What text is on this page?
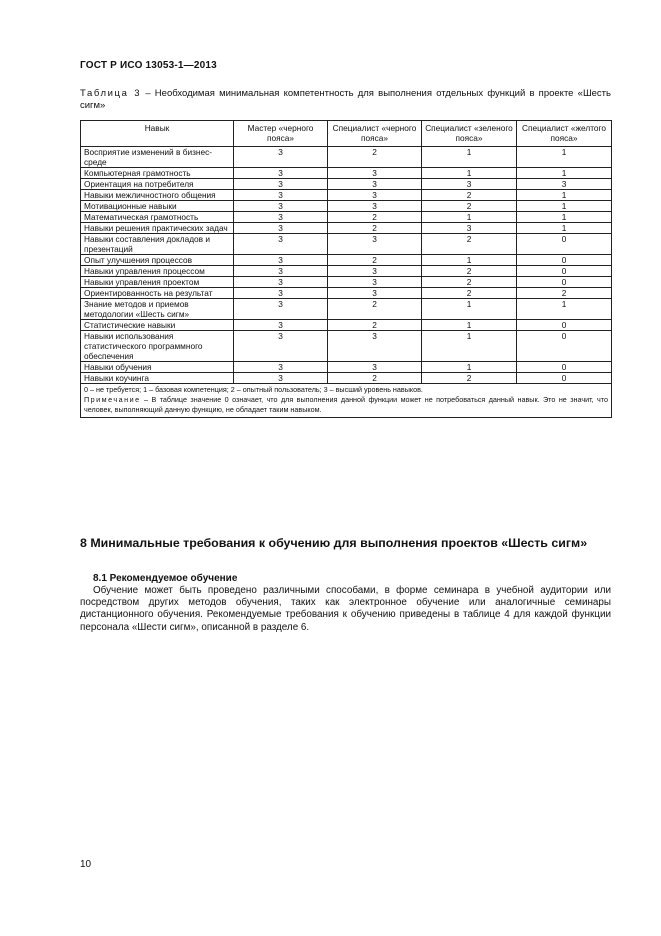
ГОСТ Р ИСО 13053-1—2013
Таблица 3 – Необходимая минимальная компетентность для выполнения отдельных функций в проекте «Шесть сигм»
Навык	Мастер «черного пояса»	Специалист «черного пояса»	Специалист «зеленого пояса»	Специалист «желтого пояса»
Восприятие изменений в бизнес-среде	3	2	1	1
Компьютерная грамотность	3	3	1	1
Ориентация на потребителя	3	3	3	3
Навыки межличностного общения	3	3	2	1
Мотивационные навыки	3	3	2	1
Математическая грамотность	3	2	1	1
Навыки решения практических задач	3	2	3	1
Навыки составления докладов и презентаций	3	3	2	0
Опыт улучшения процессов	3	2	1	0
Навыки управления процессом	3	3	2	0
Навыки управления проектом	3	3	2	0
Ориентированность на результат	3	3	2	2
Знание методов и приемов методологии «Шесть сигм»	3	2	1	1
Статистические навыки	3	2	1	0
Навыки использования статистического программного обеспечения	3	3	1	0
Навыки обучения	3	3	1	0
Навыки коучинга	3	2	2	0

0 – не требуется; 1 – базовая компетенция; 2 – опытный пользователь; 3 – высший уровень навыков.
Примечание – В таблице значение 0 означает, что для выполнения данной функции может не потребоваться данный навык. Это не значит, что человек, выполняющий данную функцию, не обладает таким навыком.				
8 Минимальные требования к обучению для выполнения проектов «Шесть сигм»
8.1 Рекомендуемое обучение
Обучение может быть проведено различными способами, в форме семинара в учебной аудитории или посредством других методов обучения, таких как электронное обучение или аналогичные семинары дистанционного обучения. Рекомендуемые требования к обучению приведены в таблице 4 для каждой функции персонала «Шести сигм», описанной в разделе 6.
10
